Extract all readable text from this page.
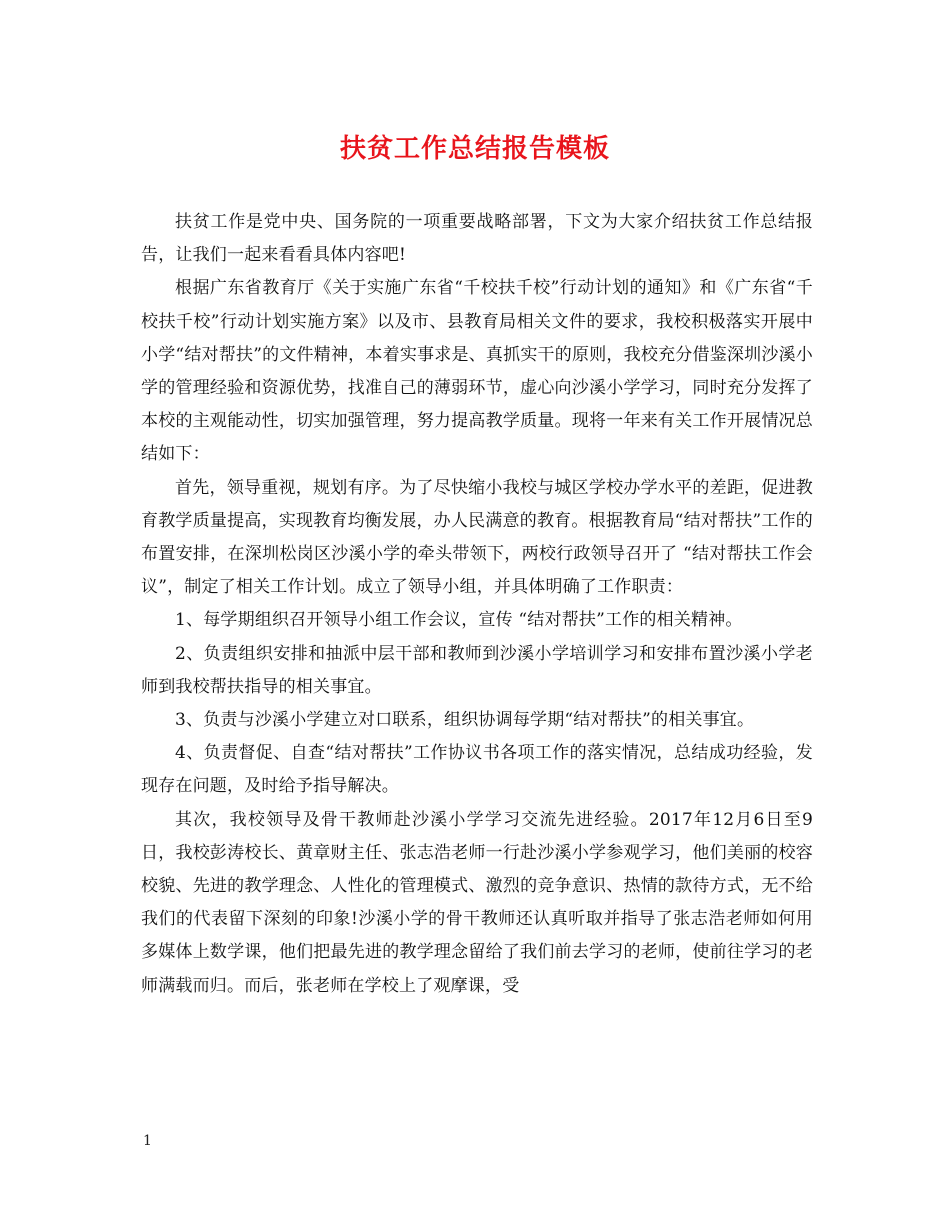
扶贫工作总结报告模板

扶贫工作是党中央、国务院的一项重要战略部署，下文为大家介绍扶贫工作总结报告，让我们一起来看看具体内容吧!

根据广东省教育厅《关于实施广东省“千校扶千校”行动计划的通知》和《广东省“千校扶千校”行动计划实施方案》以及市、县教育局相关文件的要求，我校积极落实开展中小学“结对帮扶”的文件精神，本着实事求是、真抓实干的原则，我校充分借鉴深圳沙溪小学的管理经验和资源优势，找准自己的薄弱环节，虚心向沙溪小学学习，同时充分发挥了本校的主观能动性，切实加强管理，努力提高教学质量。现将一年来有关工作开展情况总结如下：

首先，领导重视，规划有序。为了尽快缩小我校与城区学校办学水平的差距，促进教育教学质量提高，实现教育均衡发展，办人民满意的教育。根据教育局“结对帮扶”工作的布置安排，在深圳松岗区沙溪小学的牵头带领下，两校行政领导召开了 “结对帮扶工作会议”，制定了相关工作计划。成立了领导小组，并具体明确了工作职责：

1、每学期组织召开领导小组工作会议，宣传 “结对帮扶”工作的相关精神。

2、负责组织安排和抽派中层干部和教师到沙溪小学培训学习和安排布置沙溪小学老师到我校帮扶指导的相关事宜。

3、负责与沙溪小学建立对口联系，组织协调每学期“结对帮扶”的相关事宜。

4、负责督促、自查“结对帮扶”工作协议书各项工作的落实情况，总结成功经验，发现存在问题，及时给予指导解决。

其次，我校领导及骨干教师赴沙溪小学学习交流先进经验。2017年12月6日至9日，我校彭涛校长、黄章财主任、张志浩老师一行赴沙溪小学参观学习，他们美丽的校容校貌、先进的教学理念、人性化的管理模式、激烈的竞争意识、热情的款待方式，无不给我们的代表留下深刻的印象!沙溪小学的骨干教师还认真听取并指导了张志浩老师如何用多媒体上数学课，他们把最先进的教学理念留给了我们前去学习的老师，使前往学习的老师满载而归。而后，张老师在学校上了观摩课，受

1
